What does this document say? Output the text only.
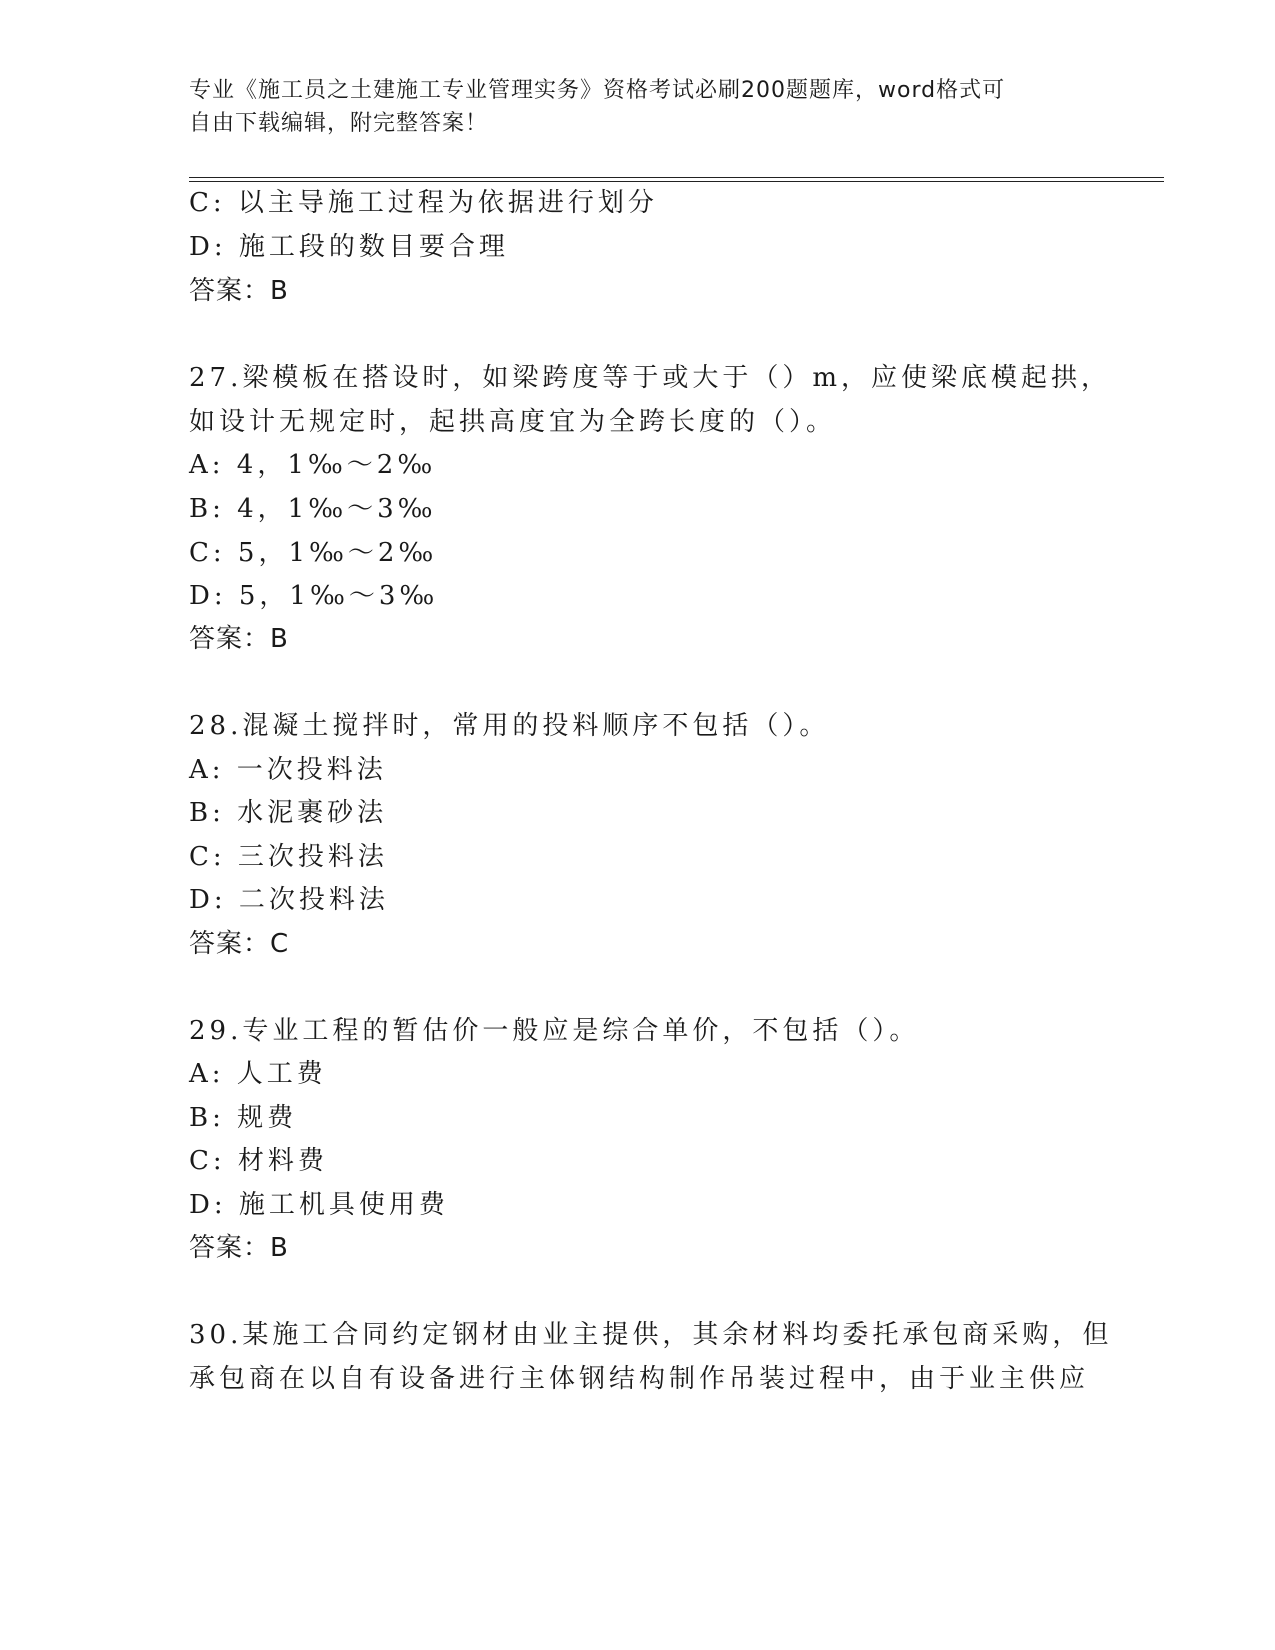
专业《施工员之土建施工专业管理实务》资格考试必刷200题题库，word格式可
自由下载编辑，附完整答案！
C: 以主导施工过程为依据进行划分
D: 施工段的数目要合理
答案：B
27.梁模板在搭设时，如梁跨度等于或大于（）m，应使梁底模起拱，
如设计无规定时，起拱高度宜为全跨长度的（）。
A: 4，1‰～2‰
B: 4，1‰～3‰
C: 5，1‰～2‰
D: 5，1‰～3‰
答案：B
28.混凝土搅拌时，常用的投料顺序不包括（）。
A: 一次投料法
B: 水泥裹砂法
C: 三次投料法
D: 二次投料法
答案：C
29.专业工程的暂估价一般应是综合单价，不包括（）。
A: 人工费
B: 规费
C: 材料费
D: 施工机具使用费
答案：B
30.某施工合同约定钢材由业主提供，其余材料均委托承包商采购，但
承包商在以自有设备进行主体钢结构制作吊装过程中，由于业主供应
